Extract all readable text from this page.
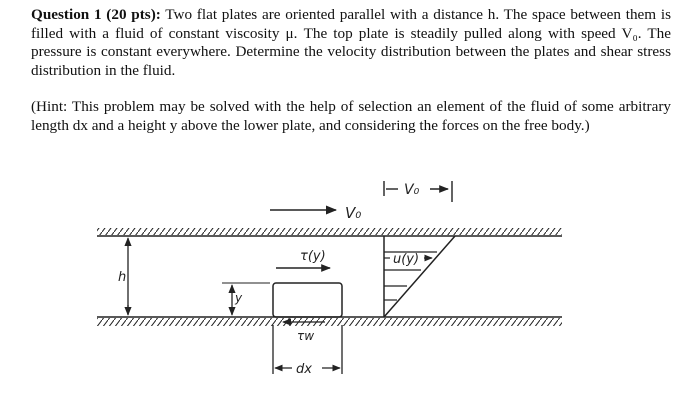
Question 1 (20 pts): Two flat plates are oriented parallel with a distance h. The space between them is filled with a fluid of constant viscosity μ. The top plate is steadily pulled along with speed V₀. The pressure is constant everywhere. Determine the velocity distribution between the plates and shear stress distribution in the fluid.

(Hint: This problem may be solved with the help of selection an element of the fluid of some arbitrary length dx and a height y above the lower plate, and considering the forces on the free body.)

V₀
V₀
u(y)
τ(y)
τw
dx
h
y
